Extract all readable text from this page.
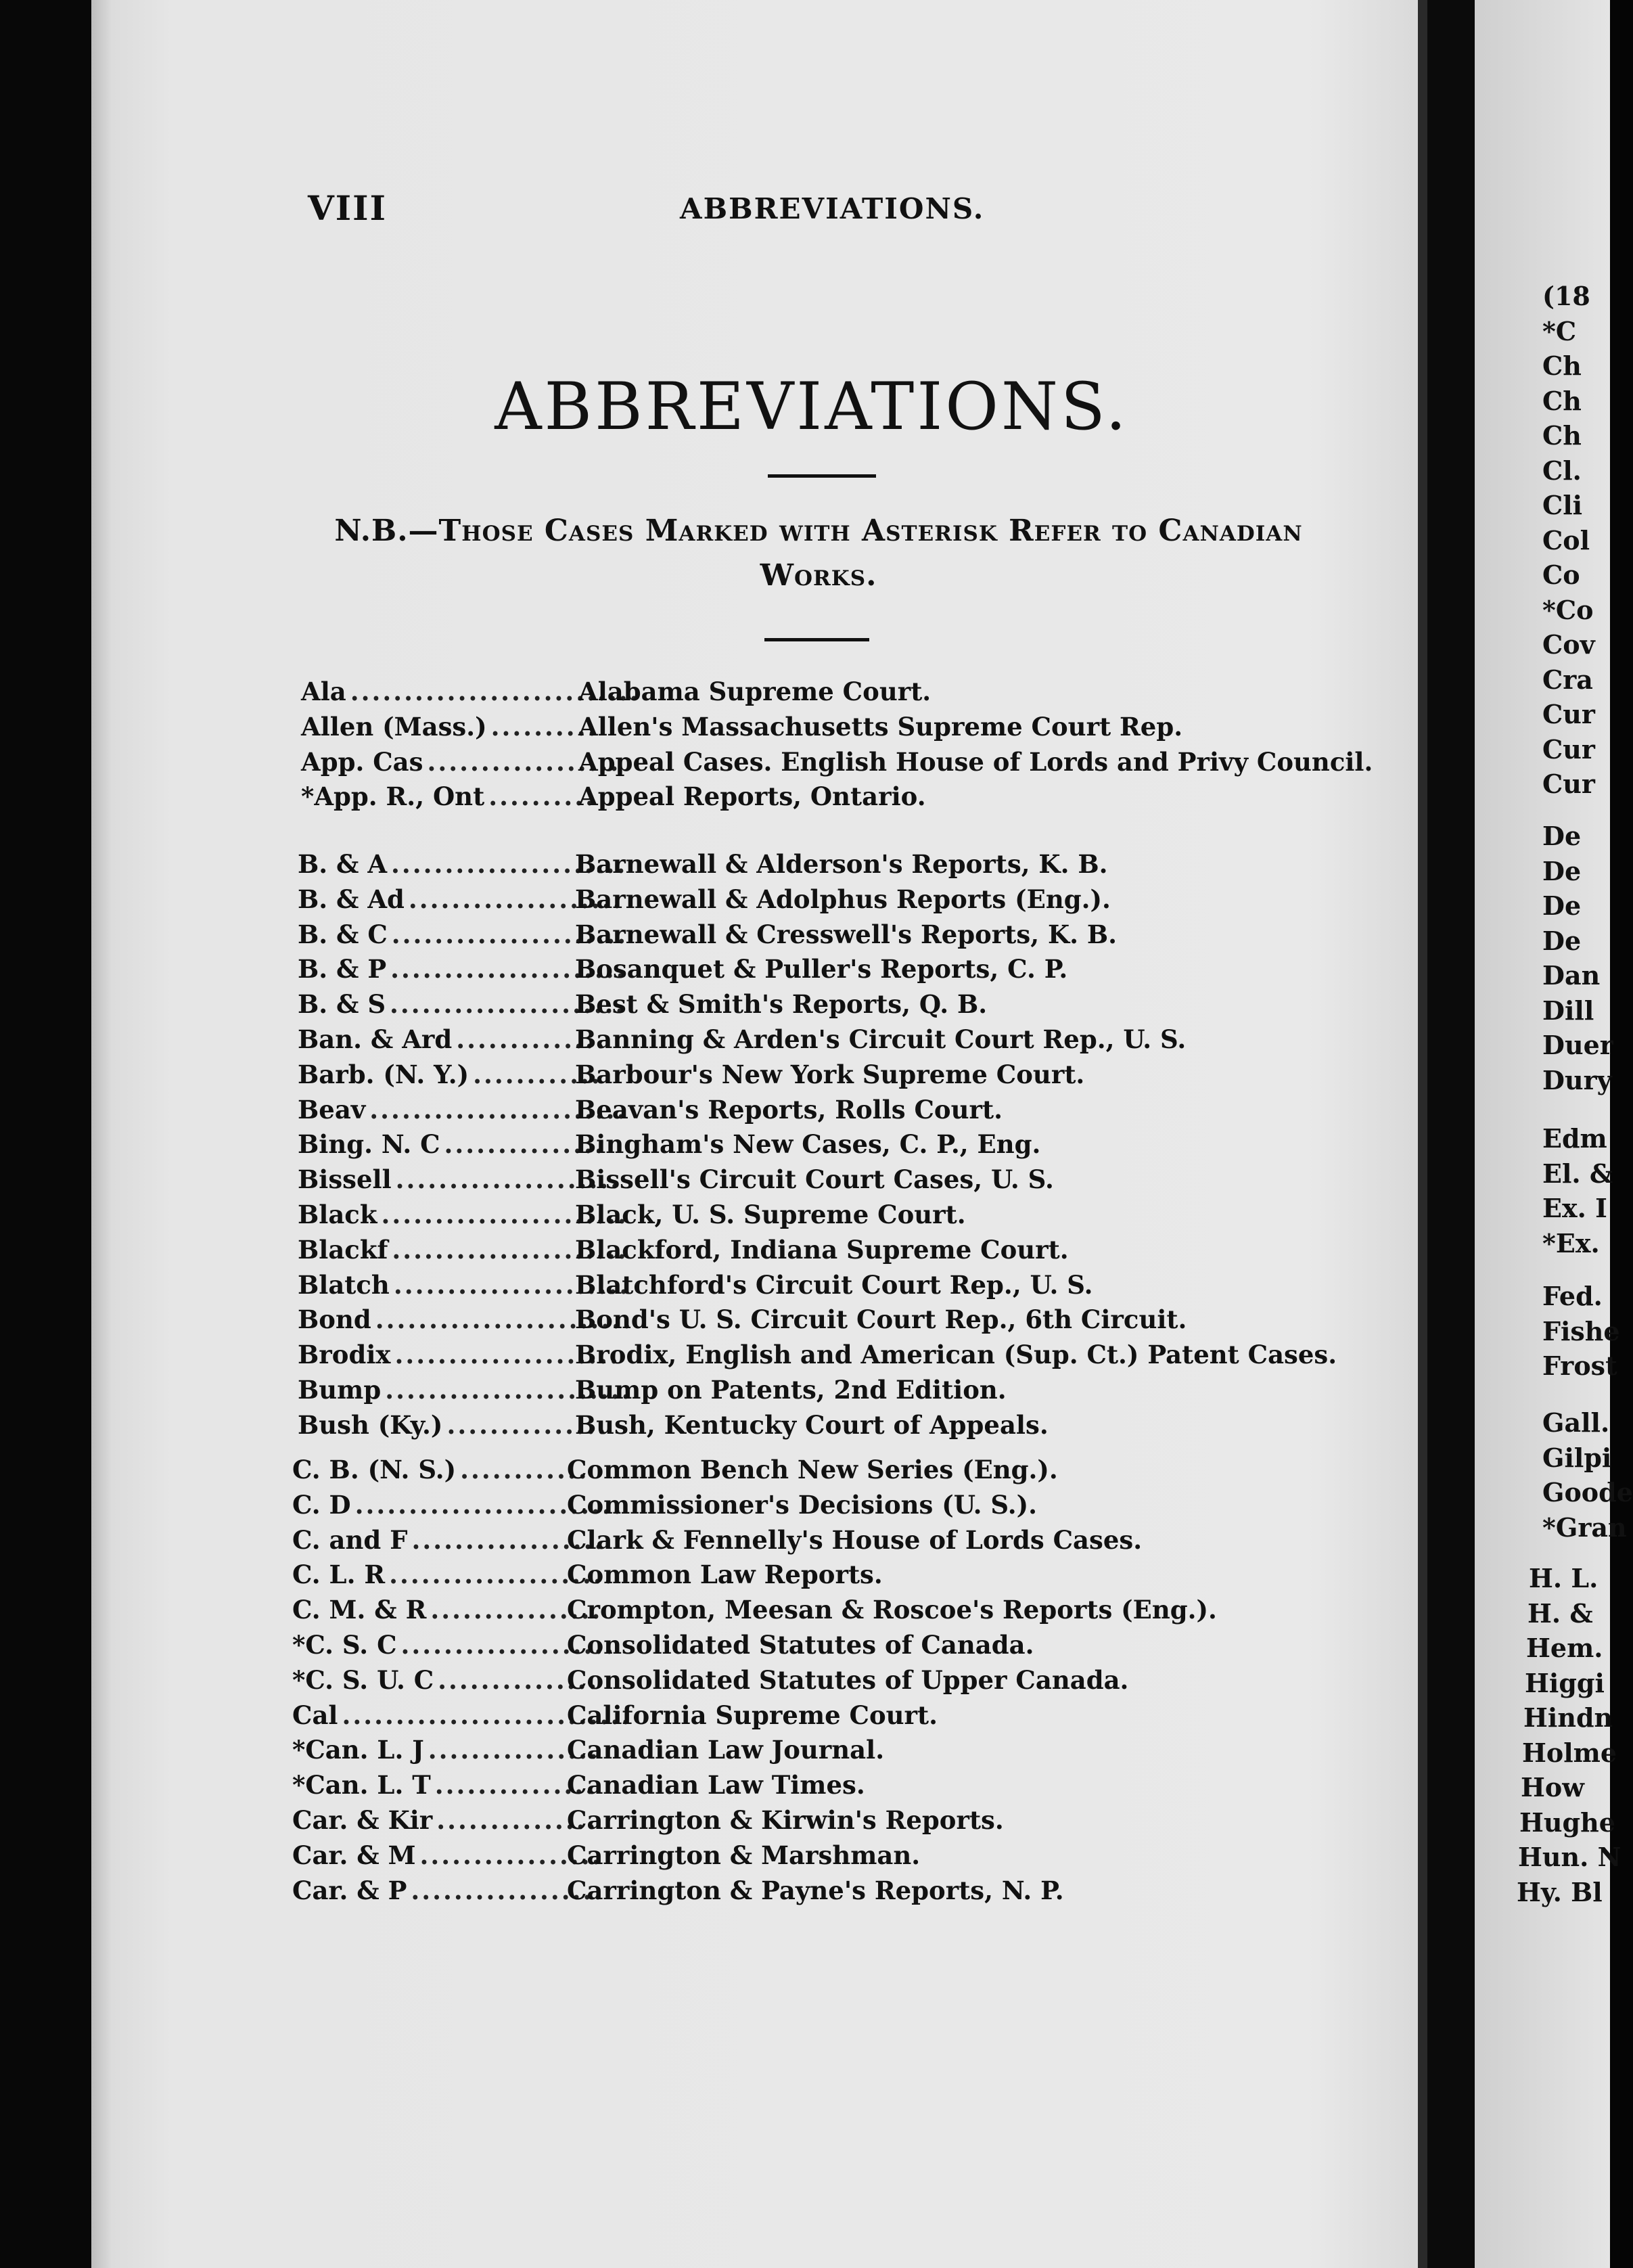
(18
*C
Ch
Ch
Ch
Cl.
Cli
Col
Co
*Co
Cov
Cra
Cur
Cur
Cur
De
De
De
De
Dan
Dill
Duer
Dury
Edm
El. &
Ex. I
*Ex.
Fed.
Fishe
Frost
Gall.
Gilpi
Goode
*Gran
H. L.
H. &
Hem.
Higgi
Hindn
Holme
How
Hughe
Hun. N
Hy. Bl
VIII	ABBREVIATIONS.
ABBREVIATIONS.
N.B.—Those Cases Marked with Asterisk Refer to Canadian Works.
Ala ...........................
Alabama Supreme Court.
Allen (Mass.) ..........
Allen's Massachusetts Supreme Court Rep.
App. Cas ..................
Appeal Cases. English House of Lords and Privy Council.
*App. R., Ont ..........
Appeal Reports, Ontario.
B. & A ......................
Barnewall & Alderson's Reports, K. B.
B. & Ad ....................
Barnewall & Adolphus Reports (Eng.).
B. & C ......................
Barnewall & Cresswell's Reports, K. B.
B. & P ......................
Bosanquet & Puller's Reports, C. P.
B. & S ......................
Best & Smith's Reports, Q. B.
Ban. & Ard ..............
Banning & Arden's Circuit Court Rep., U. S.
Barb. (N. Y.) ............
Barbour's New York Supreme Court.
Beav ........................
Beavan's Reports, Rolls Court.
Bing. N. C ...............
Bingham's New Cases, C. P., Eng.
Bissell .....................
Bissell's Circuit Court Cases, U. S.
Black .......................
Black, U. S. Supreme Court.
Blackf ......................
Blackford, Indiana Supreme Court.
Blatch ......................
Blatchford's Circuit Court Rep., U. S.
Bond ........................
Bond's U. S. Circuit Court Rep., 6th Circuit.
Brodix .....................
Brodix, English and American (Sup. Ct.) Patent Cases.
Bump .......................
Bump on Patents, 2nd Edition.
Bush (Ky.) ...............
Bush, Kentucky Court of Appeals.
C. B. (N. S.) ............
Common Bench New Series (Eng.).
C. D .........................
Commissioner's Decisions (U. S.).
C. and F ..................
Clark & Fennelly's House of Lords Cases.
C. L. R .....................
Common Law Reports.
C. M. & R ................
Crompton, Meesan & Roscoe's Reports (Eng.).
*C. S. C ....................
Consolidated Statutes of Canada.
*C. S. U. C ...............
Consolidated Statutes of Upper Canada.
Cal ...........................
California Supreme Court.
*Can. L. J ................
Canadian Law Journal.
*Can. L. T ...............
Canadian Law Times.
Car. & Kir ...............
Carrington & Kirwin's Reports.
Car. & M .................
Carrington & Marshman.
Car. & P ..................
Carrington & Payne's Reports, N. P.
